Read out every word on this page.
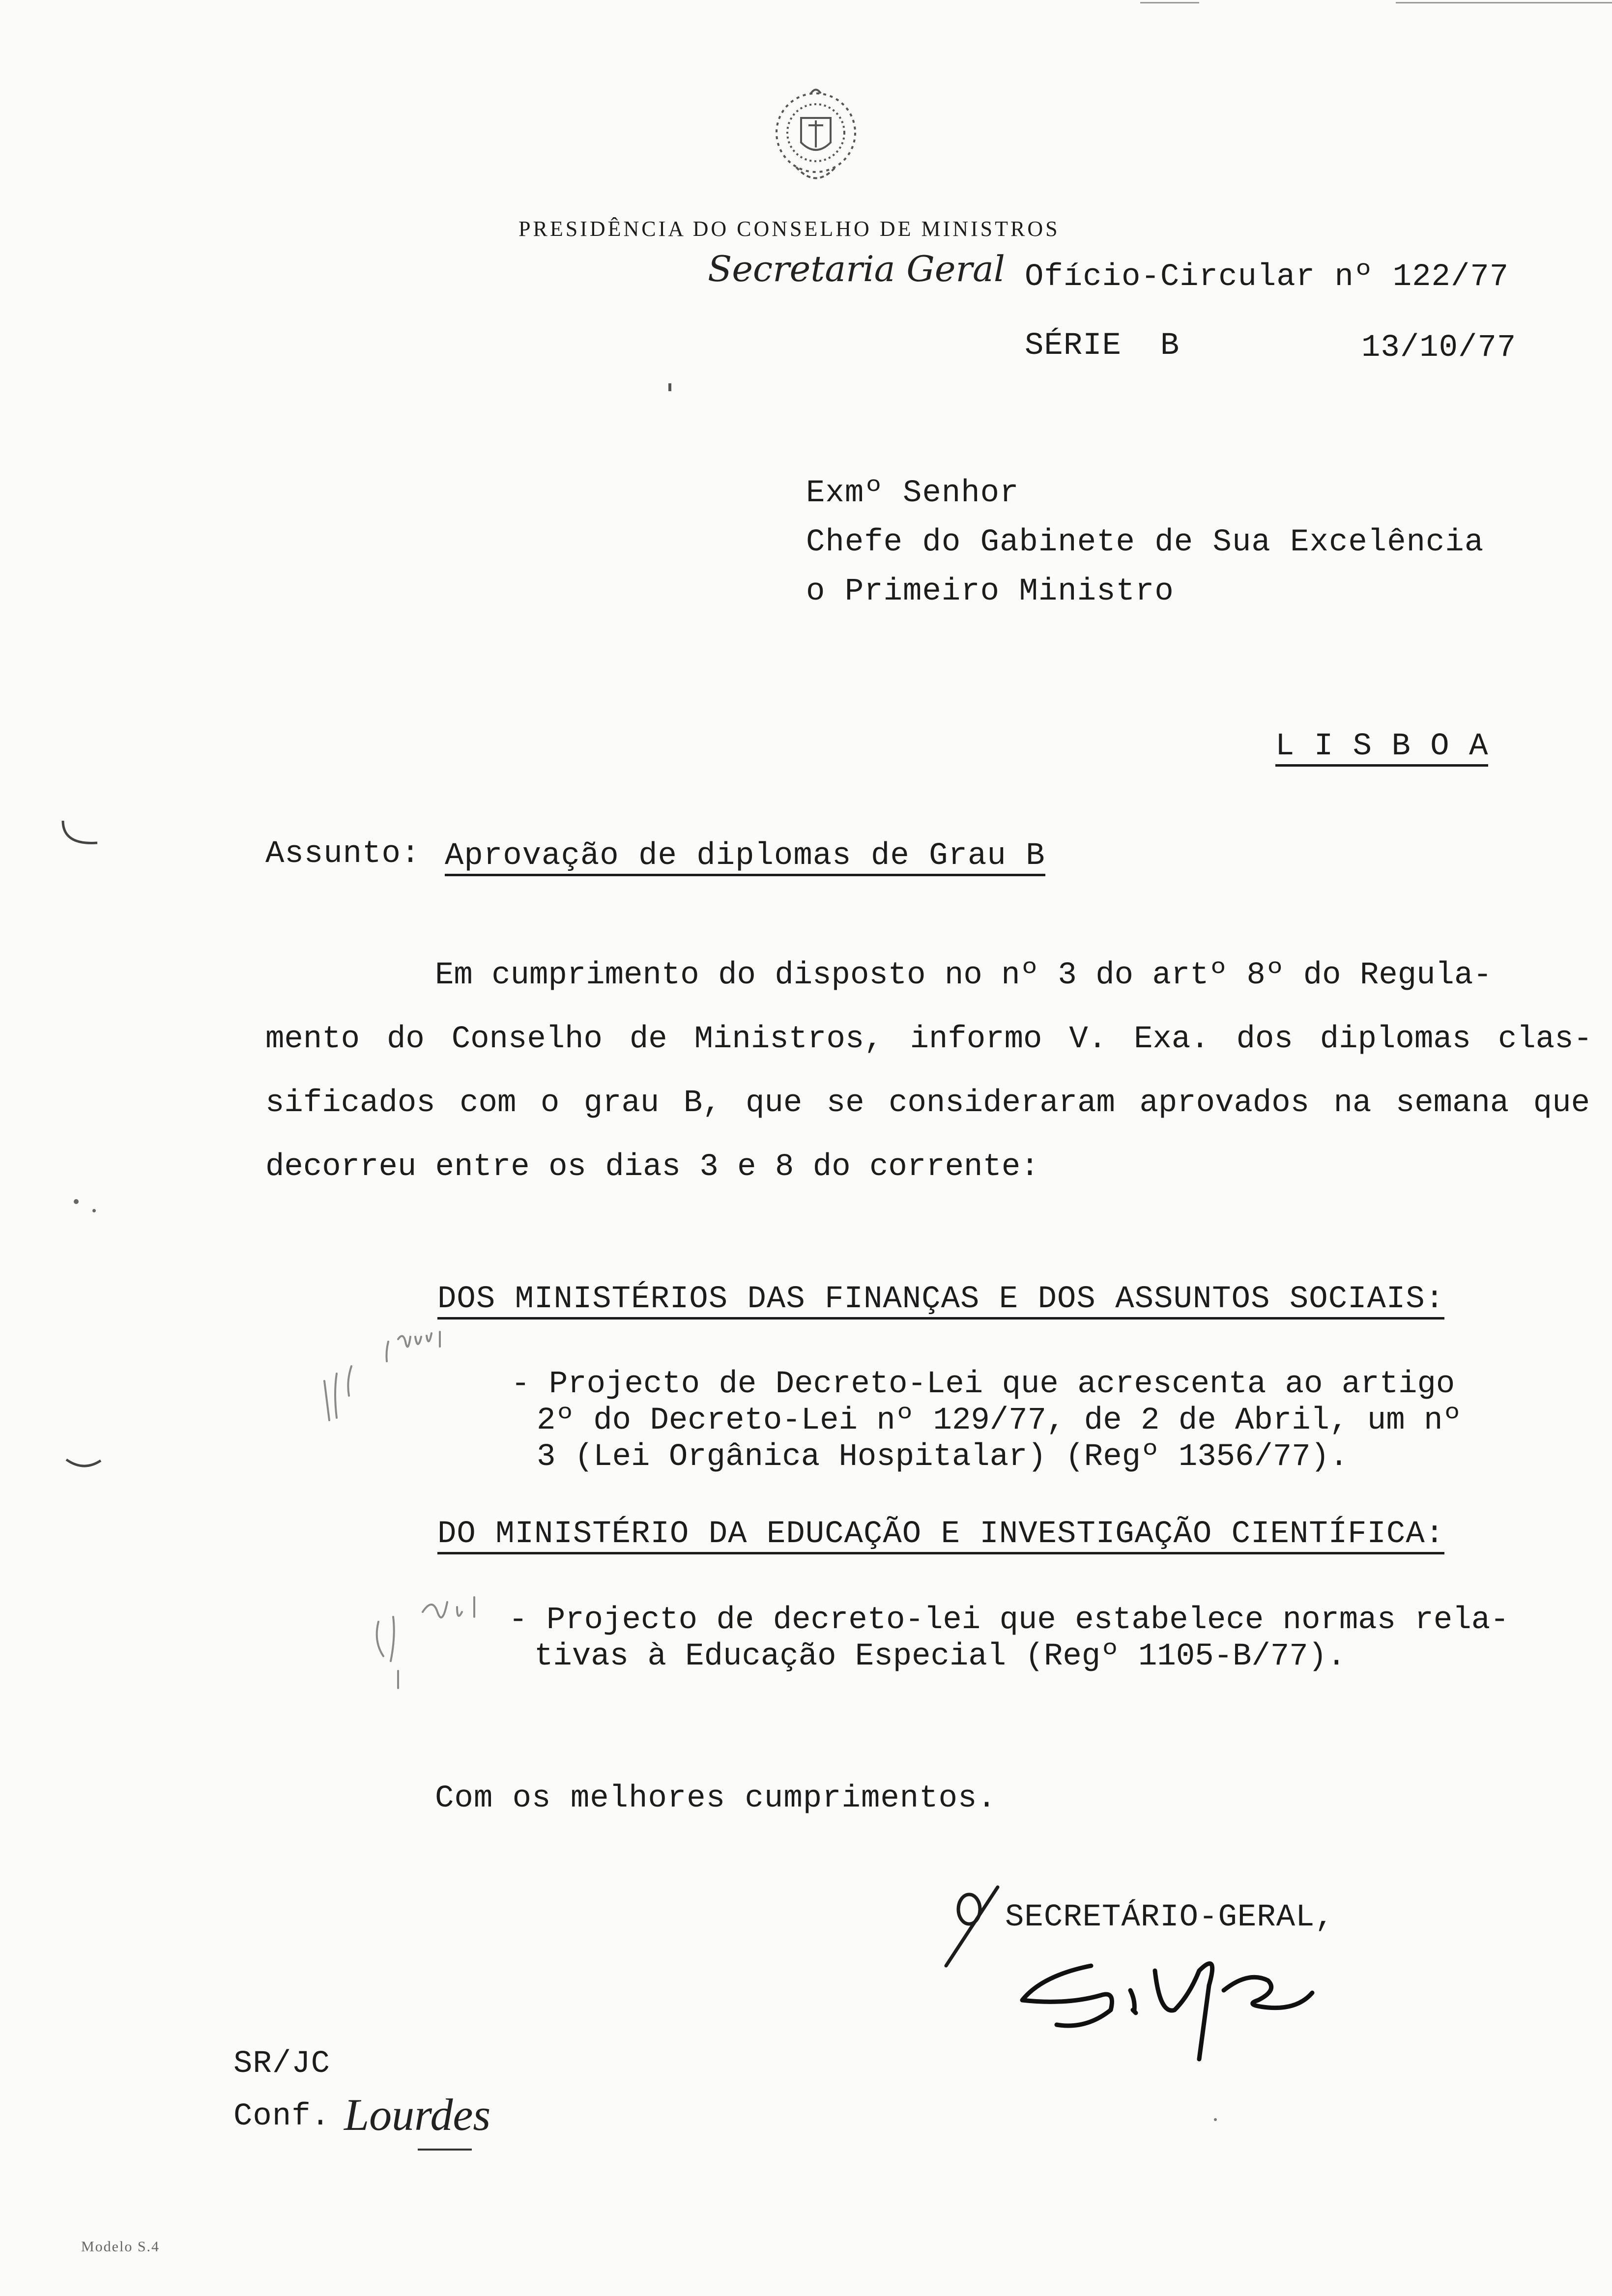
PRESIDÊNCIA DO CONSELHO DE MINISTROS
Secretaria Geral Ofício-Circular nº 122/77
SÉRIE  B	13/10/77
Exmº Senhor
Chefe do Gabinete de Sua Excelência
o Primeiro Ministro
L I S B O A
Assunto: Aprovação de diplomas de Grau B
Em cumprimento do disposto no nº 3 do artº 8º do Regula-
mento do Conselho de Ministros, informo V. Exa. dos diplomas clas-
sificados com o grau B, que se consideraram aprovados na semana que
decorreu entre os dias 3 e 8 do corrente:
DOS MINISTÉRIOS DAS FINANÇAS E DOS ASSUNTOS SOCIAIS:
- Projecto de Decreto-Lei que acrescenta ao artigo
2º do Decreto-Lei nº 129/77, de 2 de Abril, um nº
3 (Lei Orgânica Hospitalar) (Regº 1356/77).
DO MINISTÉRIO DA EDUCAÇÃO E INVESTIGAÇÃO CIENTÍFICA:
- Projecto de decreto-lei que estabelece normas rela-
tivas à Educação Especial (Regº 1105-B/77).
Com os melhores cumprimentos.
SECRETÁRIO-GERAL,
SR/JC
Conf. Lourdes
Modelo S.4
